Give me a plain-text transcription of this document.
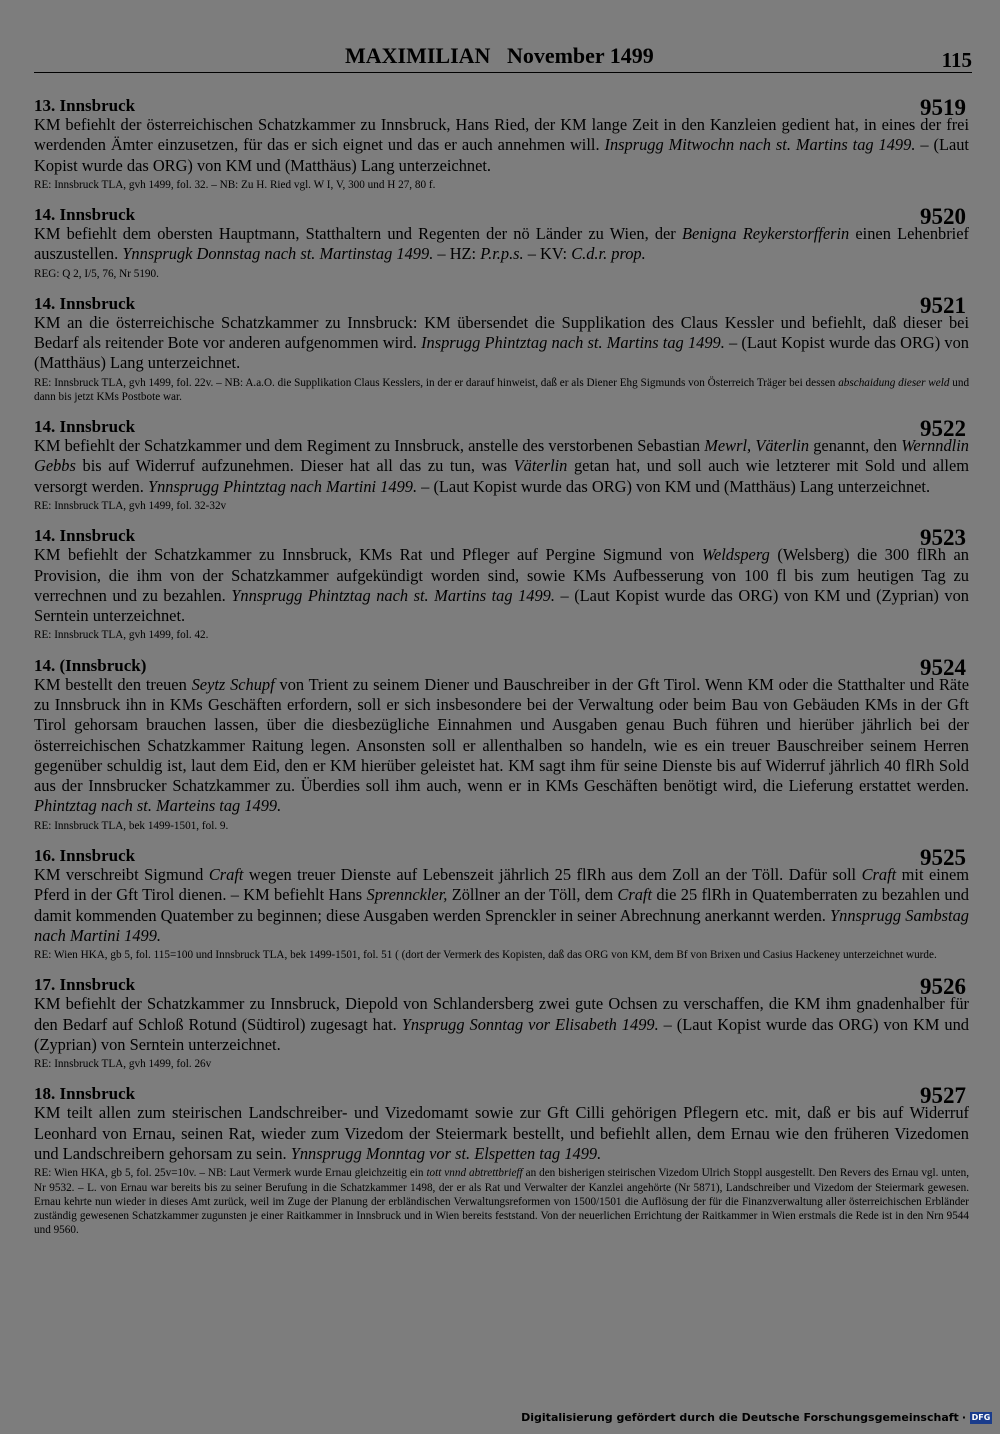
MAXIMILIAN   November 1499	115
13. Innsbruck	9519
KM befiehlt der österreichischen Schatzkammer zu Innsbruck, Hans Ried, der KM lange Zeit in den Kanzleien gedient hat, in eines der frei werdenden Ämter einzusetzen, für das er sich eignet und das er auch annehmen will. Insprugg Mitwochn nach st. Martins tag 1499. – (Laut Kopist wurde das ORG) von KM und (Matthäus) Lang unterzeichnet.
RE: Innsbruck TLA, gvh 1499, fol. 32. – NB: Zu H. Ried vgl. W I, V, 300 und H 27, 80 f.
14. Innsbruck	9520
KM befiehlt dem obersten Hauptmann, Statthaltern und Regenten der nö Länder zu Wien, der Benigna Reykerstorfferin einen Lehenbrief auszustellen. Ynnsprugk Donnstag nach st. Martinstag 1499. – HZ: P.r.p.s. – KV: C.d.r. prop.
REG: Q 2, I/5, 76, Nr 5190.
14. Innsbruck	9521
KM an die österreichische Schatzkammer zu Innsbruck: KM übersendet die Supplikation des Claus Kessler und befiehlt, daß dieser bei Bedarf als reitender Bote vor anderen aufgenommen wird. Insprugg Phintztag nach st. Martins tag 1499. – (Laut Kopist wurde das ORG) von (Matthäus) Lang unterzeichnet.
RE: Innsbruck TLA, gvh 1499, fol. 22v. – NB: A.a.O. die Supplikation Claus Kesslers, in der er darauf hinweist, daß er als Diener Ehg Sigmunds von Österreich Träger bei dessen abschaidung dieser weld und dann bis jetzt KMs Postbote war.
14. Innsbruck	9522
KM befiehlt der Schatzkammer und dem Regiment zu Innsbruck, anstelle des verstorbenen Sebastian Mewrl, Väterlin genannt, den Wernndlin Gebbs bis auf Widerruf aufzunehmen. Dieser hat all das zu tun, was Väterlin getan hat, und soll auch wie letzterer mit Sold und allem versorgt werden. Ynnsprugg Phintztag nach Martini 1499. – (Laut Kopist wurde das ORG) von KM und (Matthäus) Lang unterzeichnet.
RE: Innsbruck TLA, gvh 1499, fol. 32-32v
14. Innsbruck	9523
KM befiehlt der Schatzkammer zu Innsbruck, KMs Rat und Pfleger auf Pergine Sigmund von Weldsperg (Welsberg) die 300 flRh an Provision, die ihm von der Schatzkammer aufgekündigt worden sind, sowie KMs Aufbesserung von 100 fl bis zum heutigen Tag zu verrechnen und zu bezahlen. Ynnsprugg Phintztag nach st. Martins tag 1499. – (Laut Kopist wurde das ORG) von KM und (Zyprian) von Serntein unterzeichnet.
RE: Innsbruck TLA, gvh 1499, fol. 42.
14. (Innsbruck)	9524
KM bestellt den treuen Seytz Schupf von Trient zu seinem Diener und Bauschreiber in der Gft Tirol. Wenn KM oder die Statthalter und Räte zu Innsbruck ihn in KMs Geschäften erfordern, soll er sich insbesondere bei der Verwaltung oder beim Bau von Gebäuden KMs in der Gft Tirol gehorsam brauchen lassen, über die diesbezügliche Einnahmen und Ausgaben genau Buch führen und hierüber jährlich bei der österreichischen Schatzkammer Raitung legen. Ansonsten soll er allenthalben so handeln, wie es ein treuer Bauschreiber seinem Herren gegenüber schuldig ist, laut dem Eid, den er KM hierüber geleistet hat. KM sagt ihm für seine Dienste bis auf Widerruf jährlich 40 flRh Sold aus der Innsbrucker Schatzkammer zu. Überdies soll ihm auch, wenn er in KMs Geschäften benötigt wird, die Lieferung erstattet werden. Phintztag nach st. Marteins tag 1499.
RE: Innsbruck TLA, bek 1499-1501, fol. 9.
16. Innsbruck	9525
KM verschreibt Sigmund Craft wegen treuer Dienste auf Lebenszeit jährlich 25 flRh aus dem Zoll an der Töll. Dafür soll Craft mit einem Pferd in der Gft Tirol dienen. – KM befiehlt Hans Sprennckler, Zöllner an der Töll, dem Craft die 25 flRh in Quatemberraten zu bezahlen und damit kommenden Quatember zu beginnen; diese Ausgaben werden Sprenckler in seiner Abrechnung anerkannt werden. Ynnsprugg Sambstag nach Martini 1499.
RE: Wien HKA, gb 5, fol. 115=100 und Innsbruck TLA, bek 1499-1501, fol. 51 ( (dort der Vermerk des Kopisten, daß das ORG von KM, dem Bf von Brixen und Casius Hackeney unterzeichnet wurde.
17. Innsbruck	9526
KM befiehlt der Schatzkammer zu Innsbruck, Diepold von Schlandersberg zwei gute Ochsen zu verschaffen, die KM ihm gnadenhalber für den Bedarf auf Schloß Rotund (Südtirol) zugesagt hat. Ynsprugg Sonntag vor Elisabeth 1499. – (Laut Kopist wurde das ORG) von KM und (Zyprian) von Serntein unterzeichnet.
RE: Innsbruck TLA, gvh 1499, fol. 26v
18. Innsbruck	9527
KM teilt allen zum steirischen Landschreiber- und Vizedomamt sowie zur Gft Cilli gehörigen Pflegern etc. mit, daß er bis auf Widerruf Leonhard von Ernau, seinen Rat, wieder zum Vizedom der Steiermark bestellt, und befiehlt allen, dem Ernau wie den früheren Vizedomen und Landschreibern gehorsam zu sein. Ynnsprugg Monntag vor st. Elspetten tag 1499.
RE: Wien HKA, gb 5, fol. 25v=10v. – NB: Laut Vermerk wurde Ernau gleichzeitig ein tott vnnd abtrettbrieff an den bisherigen steirischen Vizedom Ulrich Stoppl ausgestellt. Den Revers des Ernau vgl. unten, Nr 9532. – L. von Ernau war bereits bis zu seiner Berufung in die Schatzkammer 1498, der er als Rat und Verwalter der Kanzlei angehörte (Nr 5871), Landschreiber und Vizedom der Steiermark gewesen. Ernau kehrte nun wieder in dieses Amt zurück, weil im Zuge der Planung der erbländischen Verwaltungsreformen von 1500/1501 die Auflösung der für die Finanzverwaltung aller österreichischen Erbländer zuständig gewesenen Schatzkammer zugunsten je einer Raitkammer in Innsbruck und in Wien bereits feststand. Von der neuerlichen Errichtung der Raitkammer in Wien erstmals die Rede ist in den Nrn 9544 und 9560.
Digitalisierung gefördert durch die Deutsche Forschungsgemeinschaft · DFG
